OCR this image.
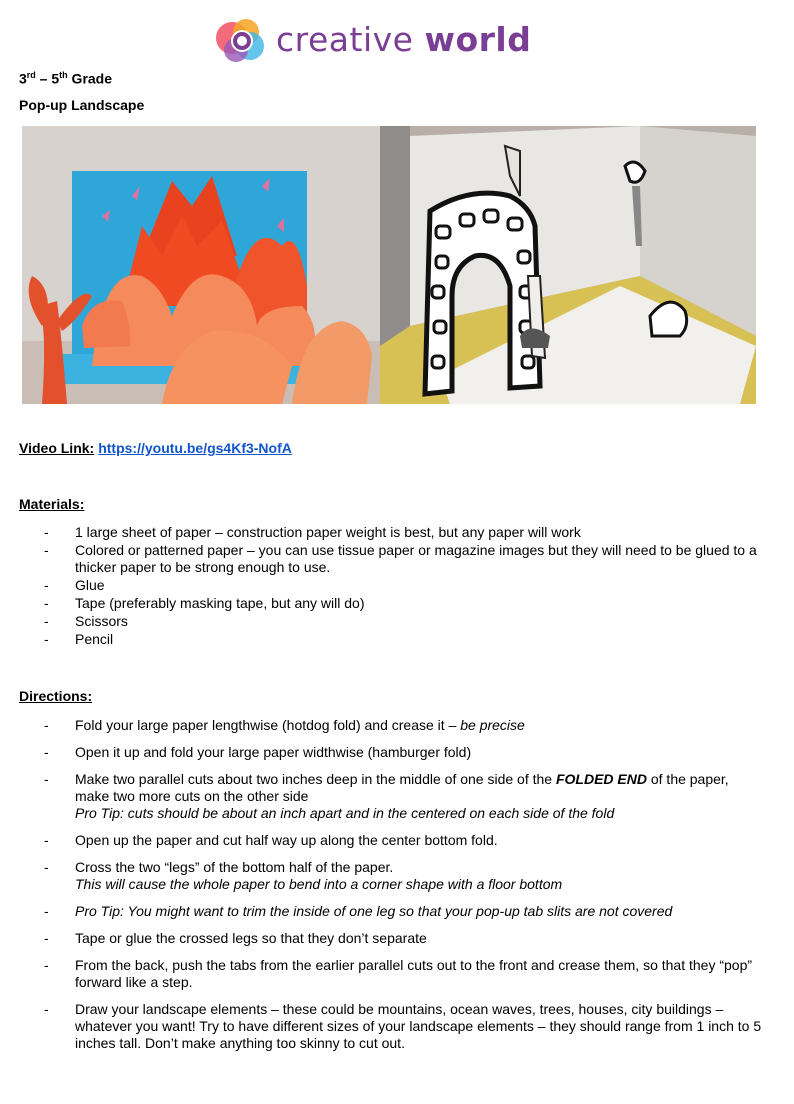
creative world
3rd – 5th Grade
Pop-up Landscape
Video Link: https://youtu.be/gs4Kf3-NofA
Materials:
- 1 large sheet of paper – construction paper weight is best, but any paper will work
- Colored or patterned paper – you can use tissue paper or magazine images but they will need to be glued to a thicker paper to be strong enough to use.
- Glue
- Tape (preferably masking tape, but any will do)
- Scissors
- Pencil
Directions:
- Fold your large paper lengthwise (hotdog fold) and crease it – be precise
- Open it up and fold your large paper widthwise (hamburger fold)
- Make two parallel cuts about two inches deep in the middle of one side of the FOLDED END of the paper, make two more cuts on the other side
Pro Tip: cuts should be about an inch apart and in the centered on each side of the fold
- Open up the paper and cut half way up along the center bottom fold.
- Cross the two “legs” of the bottom half of the paper.
This will cause the whole paper to bend into a corner shape with a floor bottom
- Pro Tip: You might want to trim the inside of one leg so that your pop-up tab slits are not covered
- Tape or glue the crossed legs so that they don’t separate
- From the back, push the tabs from the earlier parallel cuts out to the front and crease them, so that they “pop” forward like a step.
- Draw your landscape elements – these could be mountains, ocean waves, trees, houses, city buildings – whatever you want! Try to have different sizes of your landscape elements – they should range from 1 inch to 5 inches tall. Don’t make anything too skinny to cut out.
